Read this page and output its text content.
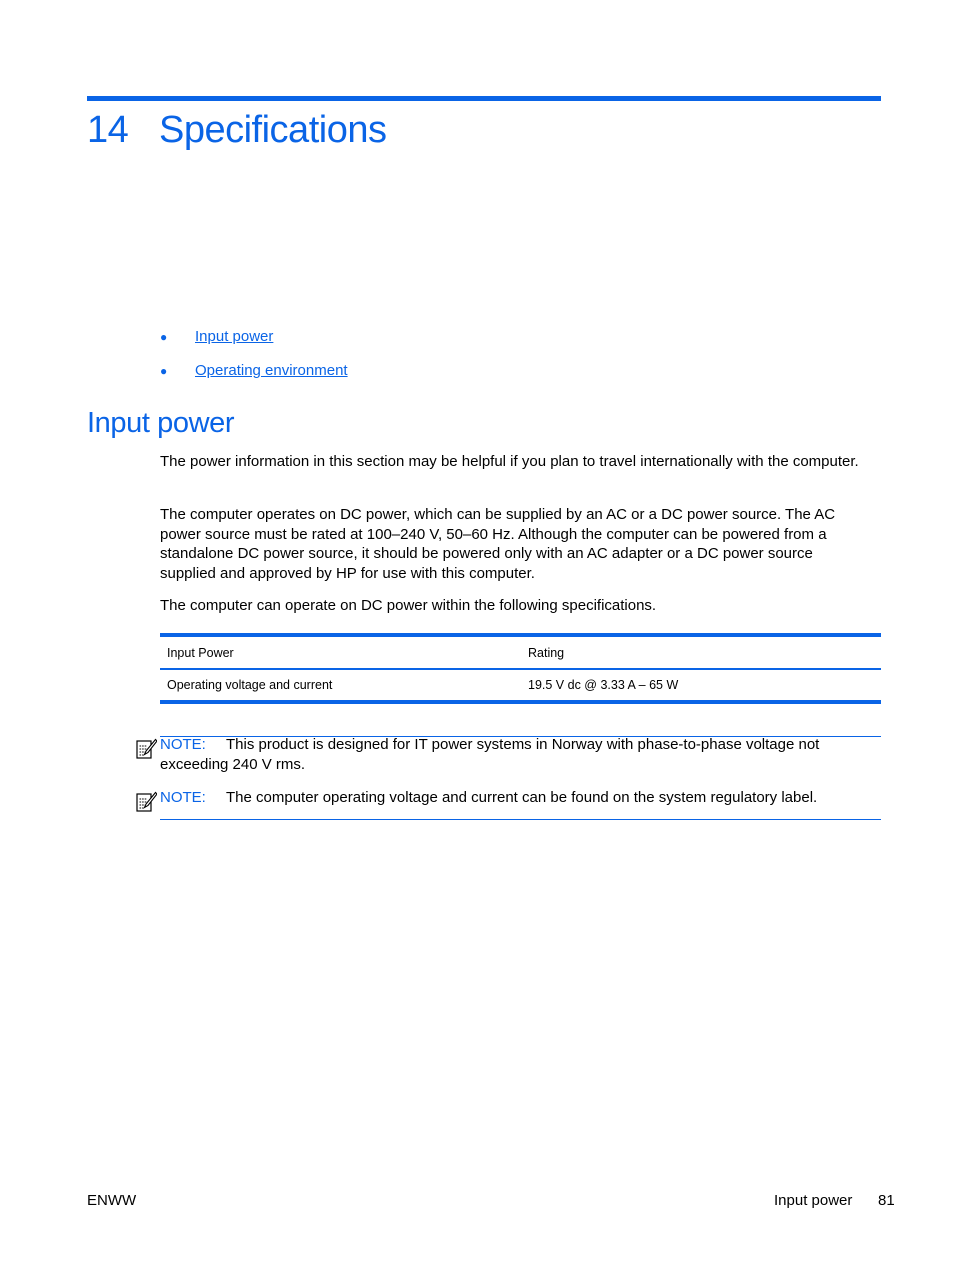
14 Specifications
● Input power
● Operating environment
Input power

The power information in this section may be helpful if you plan to travel internationally with the computer.

The computer operates on DC power, which can be supplied by an AC or a DC power source. The AC power source must be rated at 100–240 V, 50–60 Hz. Although the computer can be powered from a standalone DC power source, it should be powered only with an AC adapter or a DC power source supplied and approved by HP for use with this computer.

The computer can operate on DC power within the following specifications.

Input Power	Rating
Operating voltage and current	19.5 V dc @ 3.33 A – 65 W
NOTE: This product is designed for IT power systems in Norway with phase-to-phase voltage not exceeding 240 V rms.
NOTE: The computer operating voltage and current can be found on the system regulatory label.
ENWW	Input power 81
